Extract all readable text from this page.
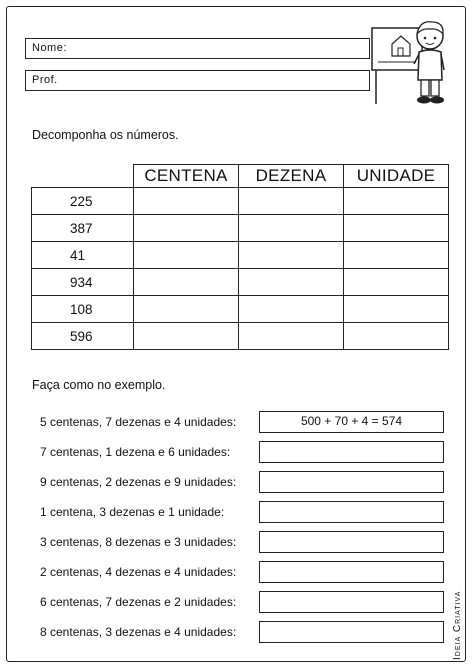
Nome:
Prof.
Decomponha os números.
	CENTENA	DEZENA	UNIDADE
225			
387			
41			
934			
108			
596			
Faça como no exemplo.
5 centenas, 7 dezenas e 4 unidades:	500 + 70 + 4 = 574
7 centenas, 1 dezena e 6 unidades:
9 centenas, 2 dezenas e 9 unidades:
1 centena, 3 dezenas e 1 unidade:
3 centenas, 8 dezenas e 3 unidades:
2 centenas, 4 dezenas e 4 unidades:
6 centenas, 7 dezenas e 2 unidades:
8 centenas, 3 dezenas e 4 unidades:	Ideia Criativa
